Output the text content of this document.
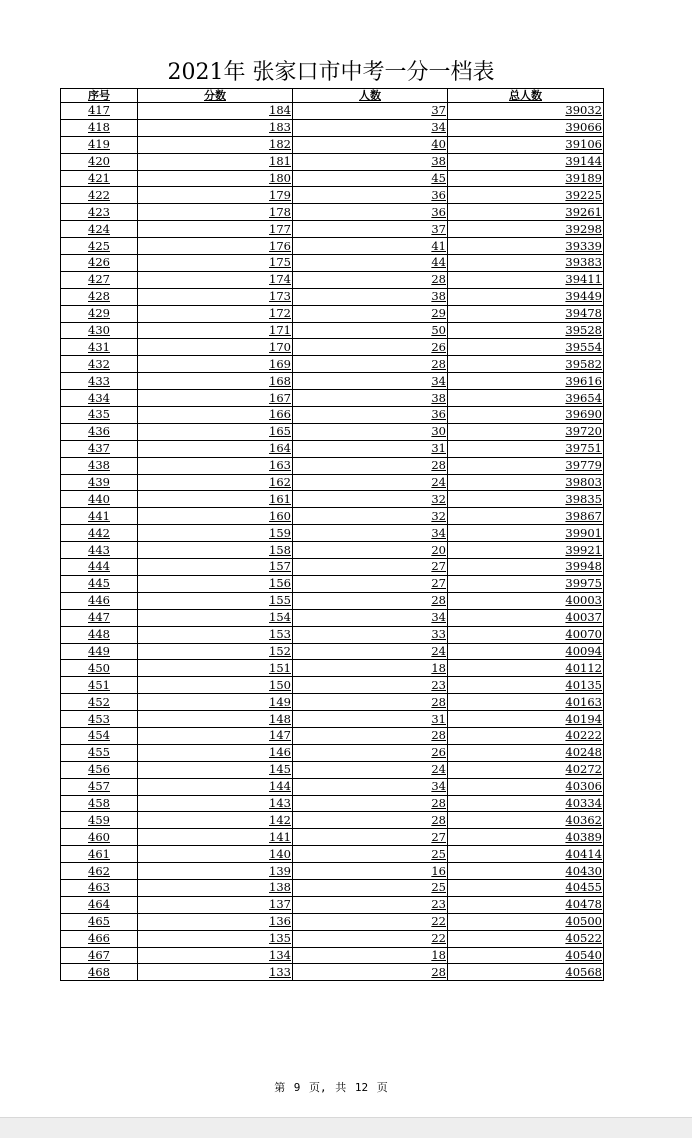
2021年 张家口市中考一分一档表
序号	分数	人数	总人数
417	184	37	39032
418	183	34	39066
419	182	40	39106
420	181	38	39144
421	180	45	39189
422	179	36	39225
423	178	36	39261
424	177	37	39298
425	176	41	39339
426	175	44	39383
427	174	28	39411
428	173	38	39449
429	172	29	39478
430	171	50	39528
431	170	26	39554
432	169	28	39582
433	168	34	39616
434	167	38	39654
435	166	36	39690
436	165	30	39720
437	164	31	39751
438	163	28	39779
439	162	24	39803
440	161	32	39835
441	160	32	39867
442	159	34	39901
443	158	20	39921
444	157	27	39948
445	156	27	39975
446	155	28	40003
447	154	34	40037
448	153	33	40070
449	152	24	40094
450	151	18	40112
451	150	23	40135
452	149	28	40163
453	148	31	40194
454	147	28	40222
455	146	26	40248
456	145	24	40272
457	144	34	40306
458	143	28	40334
459	142	28	40362
460	141	27	40389
461	140	25	40414
462	139	16	40430
463	138	25	40455
464	137	23	40478
465	136	22	40500
466	135	22	40522
467	134	18	40540
468	133	28	40568
第 9 页, 共 12 页
